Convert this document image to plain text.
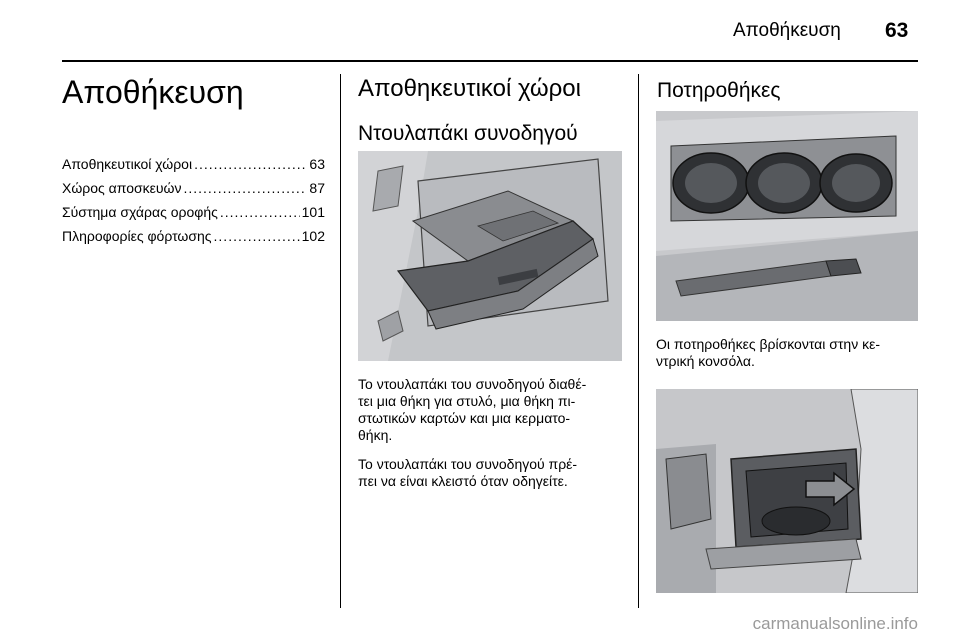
Αποθήκευση 63
Αποθήκευση
Αποθηκευτικοί χώροι .....	63
Χώρος αποσκευών .....	87
Σύστημα σχάρας οροφής .....	101
Πληροφορίες φόρτωσης .....	102
Αποθηκευτικοί χώροι
Ντουλαπάκι συνοδηγού

Το ντουλαπάκι του συνοδηγού διαθέ-
τει μια θήκη για στυλό, μια θήκη πι-
στωτικών καρτών και μια κερματο-
θήκη.

Το ντουλαπάκι του συνοδηγού πρέ-
πει να είναι κλειστό όταν οδηγείτε.

Ποτηροθήκες

Οι ποτηροθήκες βρίσκονται στην κε-
ντρική κονσόλα.

carmanualsonline.info
